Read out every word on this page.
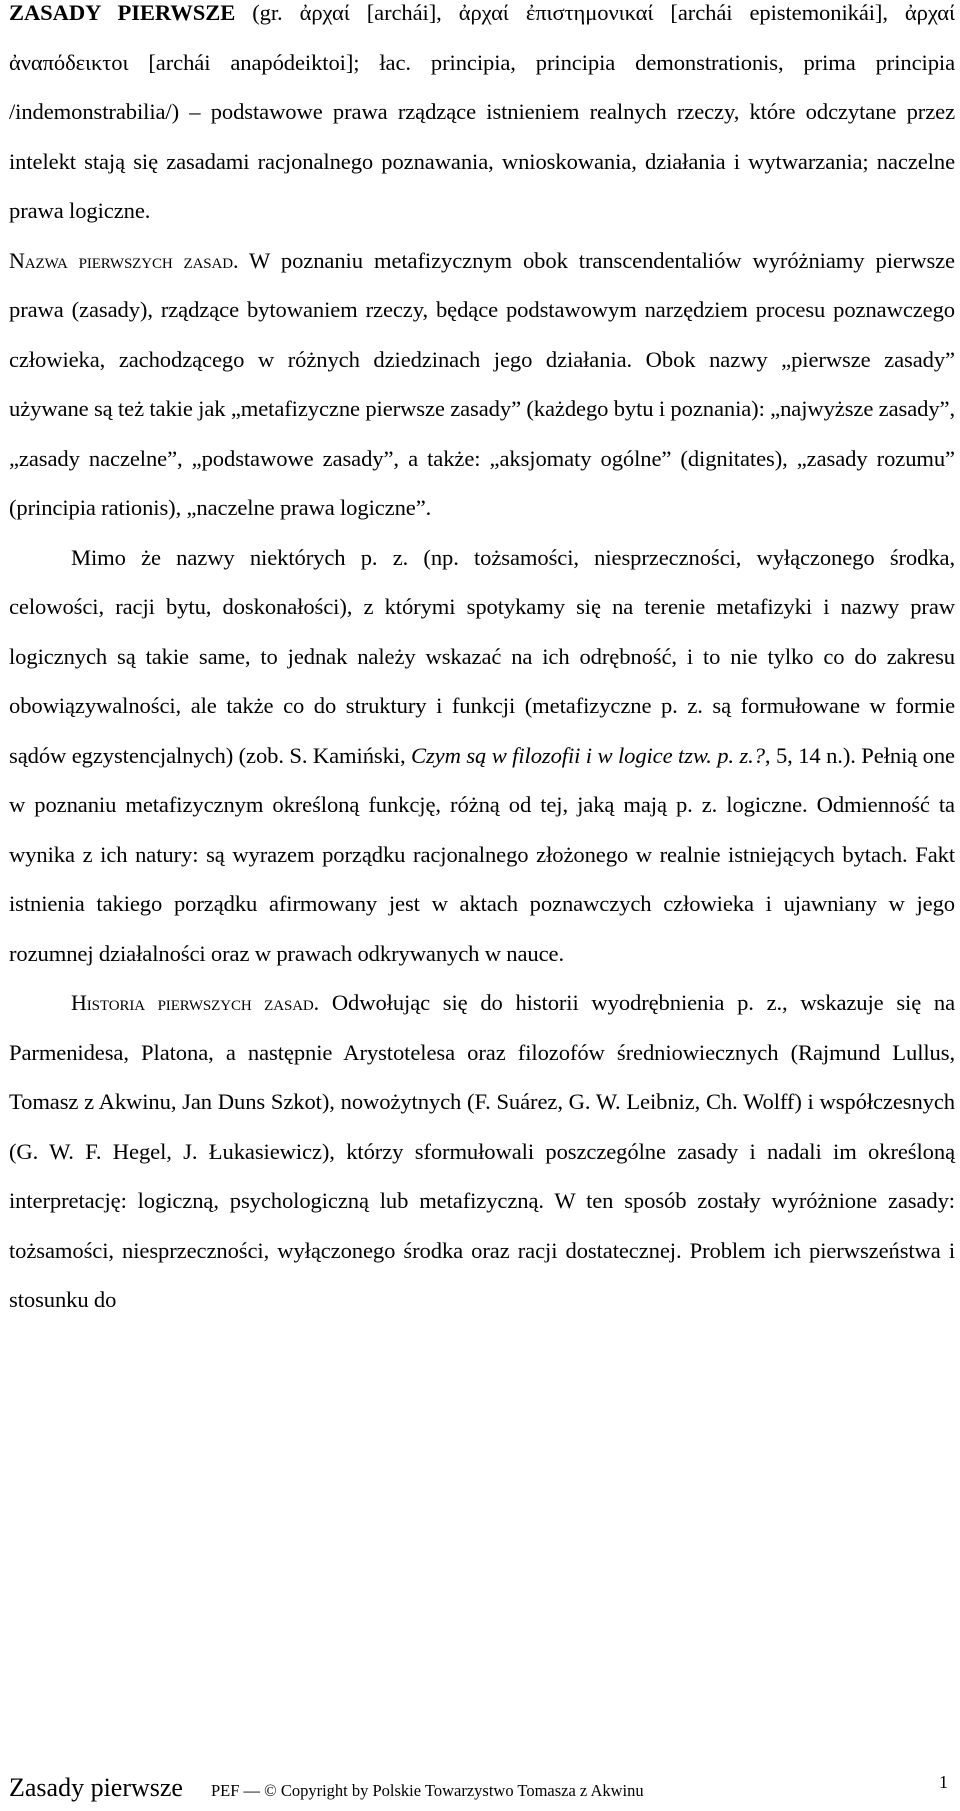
ZASADY PIERWSZE (gr. ἀρχαί [archái], ἀρχαί ἐπιστημονικαί [archái epistemonikái], ἀρχαί ἀναπόδεικτοι [archái anapódeiktoi]; łac. principia, principia demonstrationis, prima principia /indemonstrabilia/) – podstawowe prawa rządzące istnieniem realnych rzeczy, które odczytane przez intelekt stają się zasadami racjonalnego poznawania, wnioskowania, działania i wytwarzania; naczelne prawa logiczne.

Nazwa pierwszych zasad. W poznaniu metafizycznym obok transcendentaliów wyróżniamy pierwsze prawa (zasady), rządzące bytowaniem rzeczy, będące podstawowym narzędziem procesu poznawczego człowieka, zachodzącego w różnych dziedzinach jego działania. Obok nazwy „pierwsze zasady” używane są też takie jak „metafizyczne pierwsze zasady” (każdego bytu i poznania): „najwyższe zasady”, „zasady naczelne”, „podstawowe zasady”, a także: „aksjomaty ogólne” (dignitates), „zasady rozumu” (principia rationis), „naczelne prawa logiczne”.

Mimo że nazwy niektórych p. z. (np. tożsamości, niesprzeczności, wyłączonego środka, celowości, racji bytu, doskonałości), z którymi spotykamy się na terenie metafizyki i nazwy praw logicznych są takie same, to jednak należy wskazać na ich odrębność, i to nie tylko co do zakresu obowiązywalności, ale także co do struktury i funkcji (metafizyczne p. z. są formułowane w formie sądów egzystencjalnych) (zob. S. Kamiński, Czym są w filozofii i w logice tzw. p. z.?, 5, 14 n.). Pełnią one w poznaniu metafizycznym określoną funkcję, różną od tej, jaką mają p. z. logiczne. Odmienność ta wynika z ich natury: są wyrazem porządku racjonalnego złożonego w realnie istniejących bytach. Fakt istnienia takiego porządku afirmowany jest w aktach poznawczych człowieka i ujawniany w jego rozumnej działalności oraz w prawach odkrywanych w nauce.

Historia pierwszych zasad. Odwołując się do historii wyodrębnienia p. z., wskazuje się na Parmenidesa, Platona, a następnie Arystotelesa oraz filozofów średniowiecznych (Rajmund Lullus, Tomasz z Akwinu, Jan Duns Szkot), nowożytnych (F. Suárez, G. W. Leibniz, Ch. Wolff) i współczesnych (G. W. F. Hegel, J. Łukasiewicz), którzy sformułowali poszczególne zasady i nadali im określoną interpretację: logiczną, psychologiczną lub metafizyczną. W ten sposób zostały wyróżnione zasady: tożsamości, niesprzeczności, wyłączonego środka oraz racji dostatecznej. Problem ich pierwszeństwa i stosunku do

Zasady pierwsze PEF — © Copyright by Polskie Towarzystwo Tomasza z Akwinu	1
